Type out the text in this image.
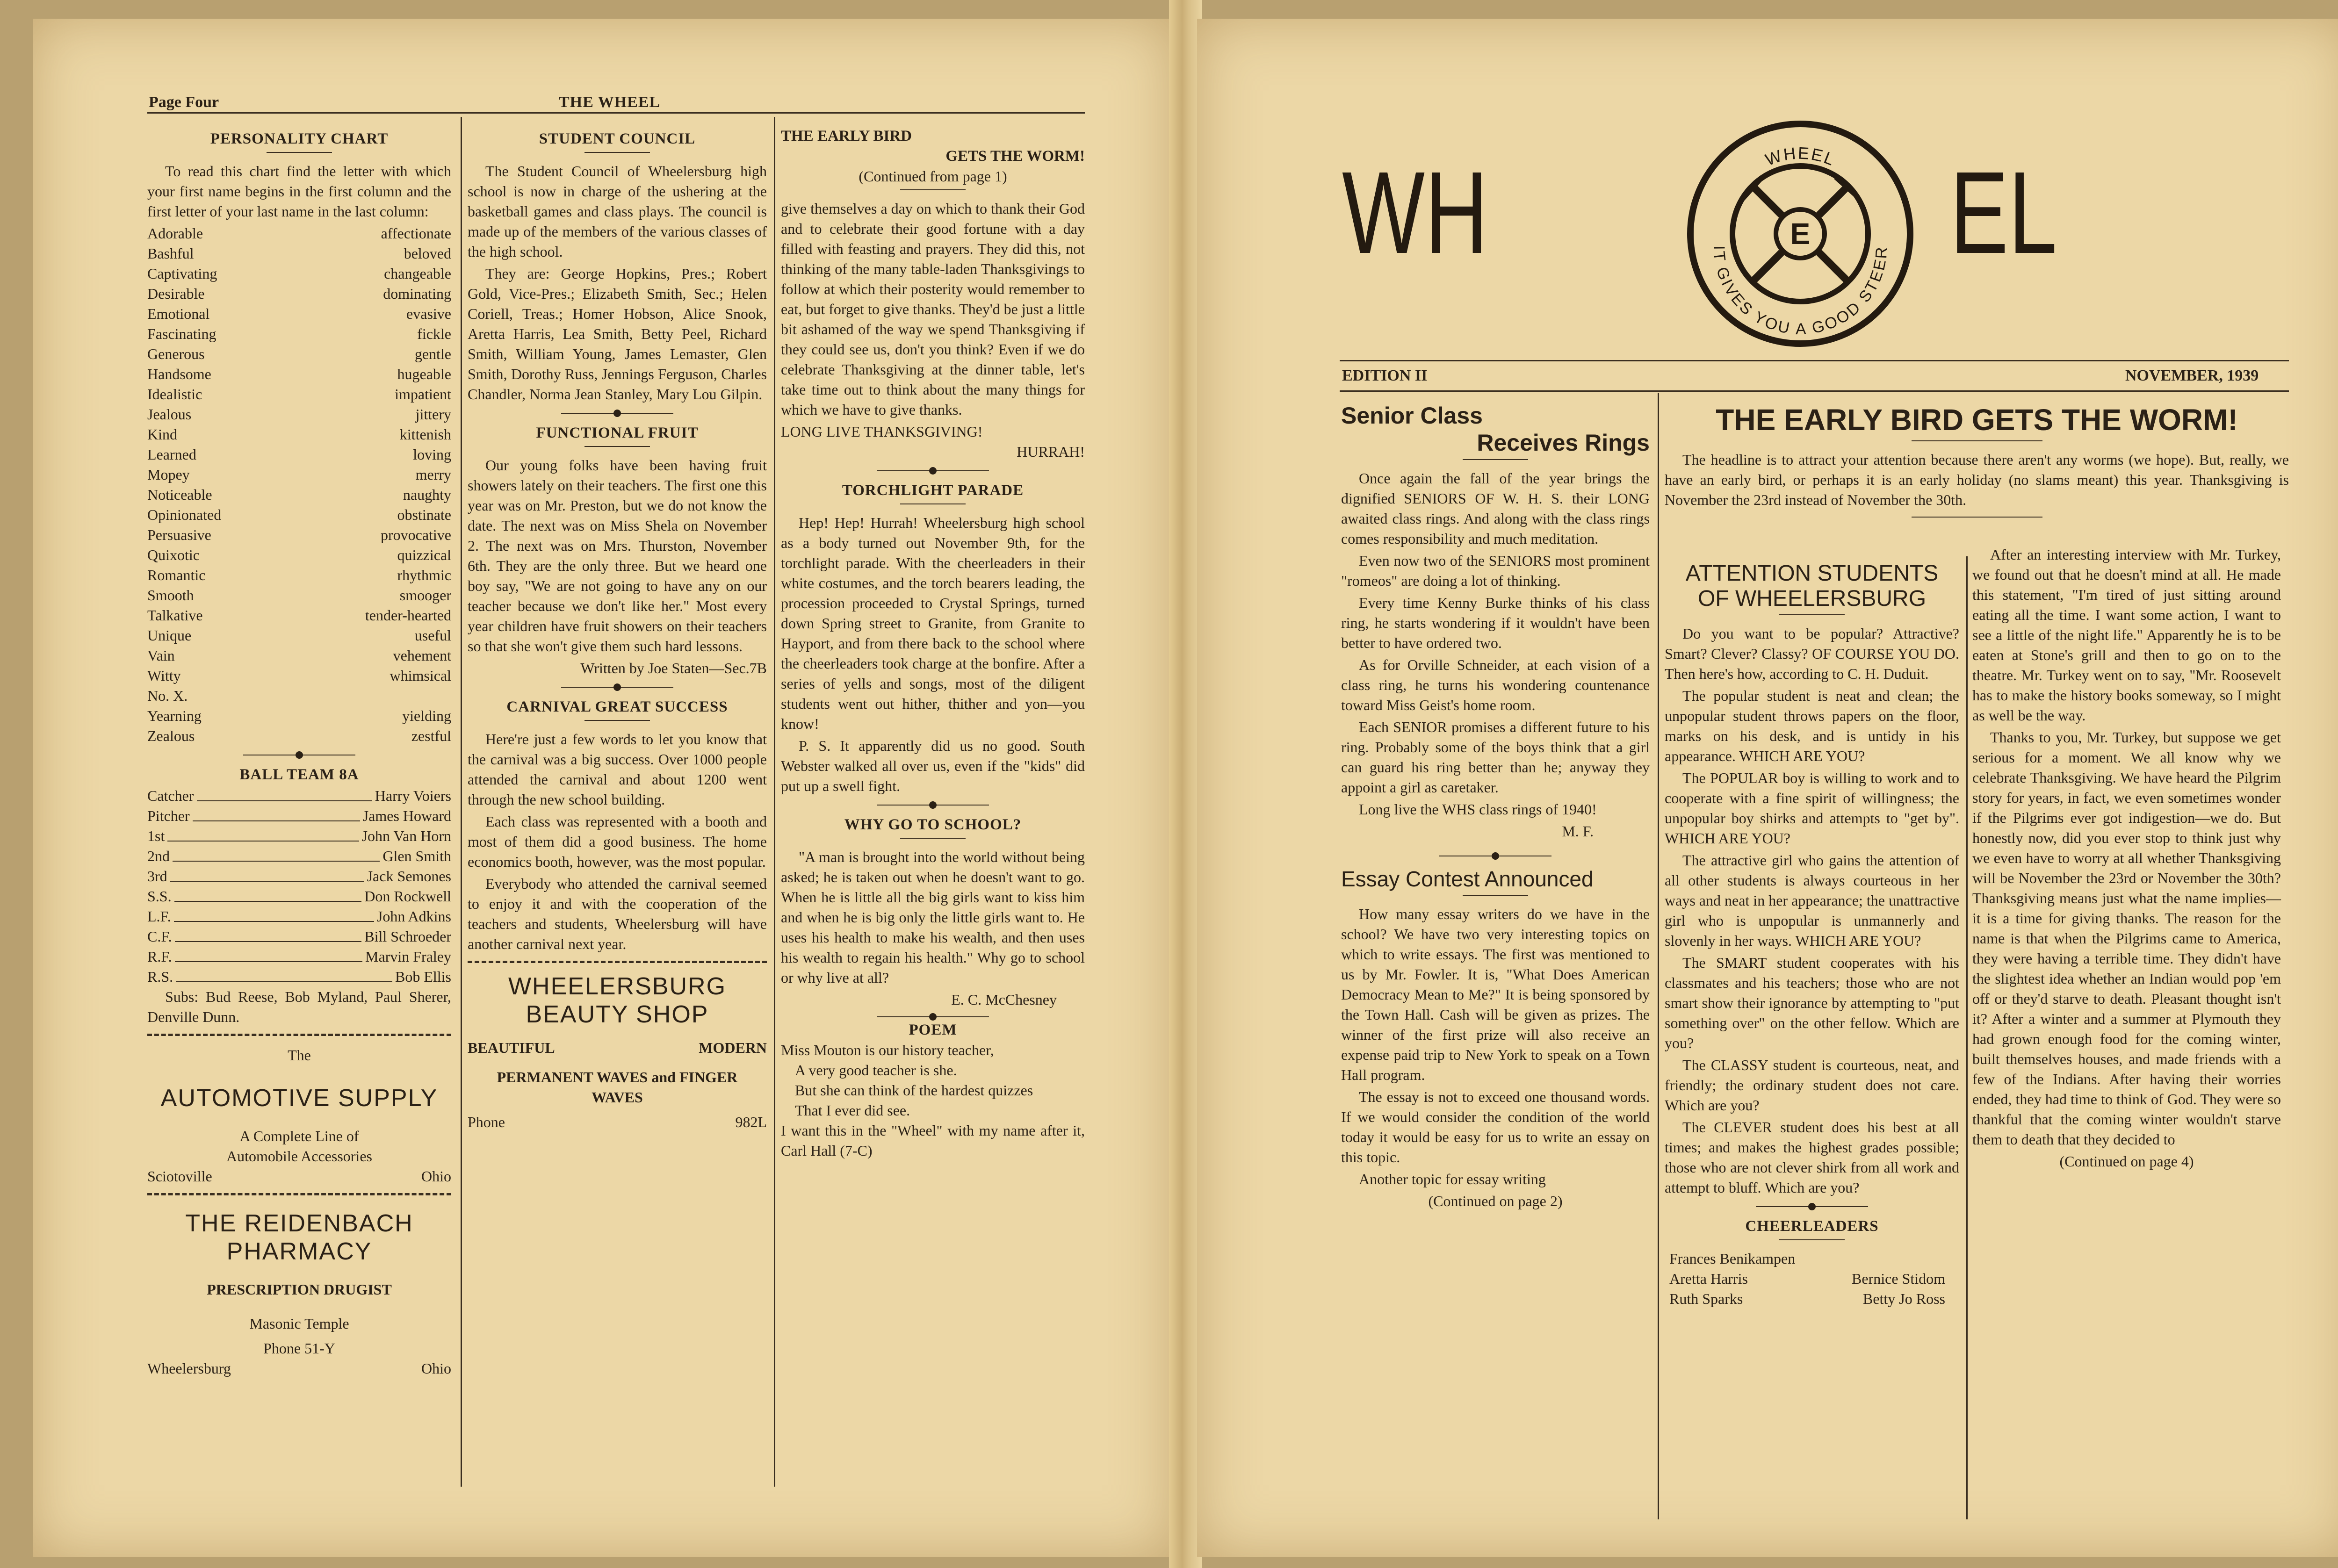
Page Four	THE WHEEL
PERSONALITY CHART

To read this chart find the letter with which your first name begins in the first column and the first letter of your last name in the last column:

Adorable	affectionate
Bashful	beloved
Captivating	changeable
Desirable	dominating
Emotional	evasive
Fascinating	fickle
Generous	gentle
Handsome	hugeable
Idealistic	impatient
Jealous	jittery
Kind	kittenish
Learned	loving
Mopey	merry
Noticeable	naughty
Opinionated	obstinate
Persuasive	provocative
Quixotic	quizzical
Romantic	rhythmic
Smooth	smooger
Talkative	tender-hearted
Unique	useful
Vain	vehement
Witty	whimsical
No. X.
Yearning	yielding
Zealous	zestful
BALL TEAM 8A
Catcher	Harry Voiers
Pitcher	James Howard
1st	John Van Horn
2nd	Glen Smith
3rd	Jack Semones
S.S.	Don Rockwell
L.F.	John Adkins
C.F.	Bill Schroeder
R.F.	Marvin Fraley
R.S.	Bob Ellis

Subs: Bud Reese, Bob Myland, Paul Sherer, Denville Dunn.

The
AUTOMOTIVE SUPPLY
A Complete Line of
Automobile Accessories
Sciotoville	Ohio
THE REIDENBACH PHARMACY
PRESCRIPTION DRUGIST
Masonic Temple
Phone 51-Y
Wheelersburg	Ohio
STUDENT COUNCIL

The Student Council of Wheelersburg high school is now in charge of the ushering at the basketball games and class plays. The council is made up of the members of the various classes of the high school.

They are: George Hopkins, Pres.; Robert Gold, Vice-Pres.; Elizabeth Smith, Sec.; Helen Coriell, Treas.; Homer Hobson, Alice Snook, Aretta Harris, Lea Smith, Betty Peel, Richard Smith, William Young, James Lemaster, Glen Smith, Dorothy Russ, Jennings Ferguson, Charles Chandler, Norma Jean Stanley, Mary Lou Gilpin.

FUNCTIONAL FRUIT

Our young folks have been having fruit showers lately on their teachers. The first one this year was on Mr. Preston, but we do not know the date. The next was on Miss Shela on November 2. The next was on Mrs. Thurston, November 6th. They are the only three. But we heard one boy say, "We are not going to have any on our teacher because we don't like her." Most every year children have fruit showers on their teachers so that she won't give them such hard lessons.

Written by Joe Staten—Sec.7B
CARNIVAL GREAT SUCCESS

Here're just a few words to let you know that the carnival was a big success. Over 1000 people attended the carnival and about 1200 went through the new school building.

Each class was represented with a booth and most of them did a good business. The home economics booth, however, was the most popular.

Everybody who attended the carnival seemed to enjoy it and with the cooperation of the teachers and students, Wheelersburg will have another carnival next year.

WHEELERSBURG BEAUTY SHOP
BEAUTIFUL	MODERN
PERMANENT WAVES and FINGER WAVES
Phone	982L
THE EARLY BIRD
GETS THE WORM!
(Continued from page 1)

give themselves a day on which to thank their God and to celebrate their good fortune with a day filled with feasting and prayers. They did this, not thinking of the many table-laden Thanksgivings to follow at which their posterity would remember to eat, but forget to give thanks. They'd be just a little bit ashamed of the way we spend Thanksgiving if they could see us, don't you think? Even if we do celebrate Thanksgiving at the dinner table, let's take time out to think about the many things for which we have to give thanks.

LONG LIVE THANKSGIVING!
HURRAH!
TORCHLIGHT PARADE

Hep! Hep! Hurrah! Wheelersburg high school as a body turned out November 9th, for the torchlight parade. With the cheerleaders in their white costumes, and the torch bearers leading, the procession proceeded to Crystal Springs, turned down Spring street to Granite, from Granite to Hayport, and from there back to the school where the cheerleaders took charge at the bonfire. After a series of yells and songs, most of the diligent students went out hither, thither and yon—you know!

P. S. It apparently did us no good. South Webster walked all over us, even if the "kids" did put up a swell fight.

WHY GO TO SCHOOL?

"A man is brought into the world without being asked; he is taken out when he doesn't want to go. When he is little all the big girls want to kiss him and when he is big only the little girls want to. He uses his health to make his wealth, and then uses his wealth to regain his health." Why go to school or why live at all?

E. C. McChesney
POEM
Miss Mouton is our history teacher,
A very good teacher is she.
But she can think of the hardest quizzes
That I ever did see.
I want this in the "Wheel" with my name after it, Carl Hall (7-C)
WH	EL
E
WHEEL
IT GIVES YOU A GOOD STEER
EDITION II	NOVEMBER, 1939
Senior Class
Receives Rings

Once again the fall of the year brings the dignified SENIORS OF W. H. S. their LONG awaited class rings. And along with the class rings comes responsibility and much meditation.

Even now two of the SENIORS most prominent "romeos" are doing a lot of thinking.

Every time Kenny Burke thinks of his class ring, he starts wondering if it wouldn't have been better to have ordered two.

As for Orville Schneider, at each vision of a class ring, he turns his wondering countenance toward Miss Geist's home room.

Each SENIOR promises a different future to his ring. Probably some of the boys think that a girl can guard his ring better than he; anyway they appoint a girl as caretaker.

Long live the WHS class rings of 1940!

M. F.
Essay Contest Announced

How many essay writers do we have in the school? We have two very interesting topics on which to write essays. The first was mentioned to us by Mr. Fowler. It is, "What Does American Democracy Mean to Me?" It is being sponsored by the Town Hall. Cash will be given as prizes. The winner of the first prize will also receive an expense paid trip to New York to speak on a Town Hall program.

The essay is not to exceed one thousand words. If we would consider the condition of the world today it would be easy for us to write an essay on this topic.

Another topic for essay writing

(Continued on page 2)
THE EARLY BIRD GETS THE WORM!

The headline is to attract your attention because there aren't any worms (we hope). But, really, we have an early bird, or perhaps it is an early holiday (no slams meant) this year. Thanksgiving is November the 23rd instead of November the 30th.

ATTENTION STUDENTS
OF WHEELERSBURG

Do you want to be popular? Attractive? Smart? Clever? Classy? OF COURSE YOU DO. Then here's how, according to C. H. Duduit.

The popular student is neat and clean; the unpopular student throws papers on the floor, marks on his desk, and is untidy in his appearance. WHICH ARE YOU?

The POPULAR boy is willing to work and to cooperate with a fine spirit of willingness; the unpopular boy shirks and attempts to "get by". WHICH ARE YOU?

The attractive girl who gains the attention of all other students is always courteous in her ways and neat in her appearance; the unattractive girl who is unpopular is unmannerly and slovenly in her ways. WHICH ARE YOU?

The SMART student cooperates with his classmates and his teachers; those who are not smart show their ignorance by attempting to "put something over" on the other fellow. Which are you?

The CLASSY student is courteous, neat, and friendly; the ordinary student does not care. Which are you?

The CLEVER student does his best at all times; and makes the highest grades possible; those who are not clever shirk from all work and attempt to bluff. Which are you?

CHEERLEADERS
Frances Benikampen
Aretta Harris	Bernice Stidom
Ruth Sparks	Betty Jo Ross

After an interesting interview with Mr. Turkey, we found out that he doesn't mind at all. He made this statement, "I'm tired of just sitting around eating all the time. I want some action, I want to see a little of the night life." Apparently he is to be eaten at Stone's grill and then to go on to the theatre. Mr. Turkey went on to say, "Mr. Roosevelt has to make the history books someway, so I might as well be the way.

Thanks to you, Mr. Turkey, but suppose we get serious for a moment. We all know why we celebrate Thanksgiving. We have heard the Pilgrim story for years, in fact, we even sometimes wonder if the Pilgrims ever got indigestion—we do. But honestly now, did you ever stop to think just why we even have to worry at all whether Thanksgiving will be November the 23rd or November the 30th? Thanksgiving means just what the name implies—it is a time for giving thanks. The reason for the name is that when the Pilgrims came to America, they were having a terrible time. They didn't have the slightest idea whether an Indian would pop 'em off or they'd starve to death. Pleasant thought isn't it? After a winter and a summer at Plymouth they had grown enough food for the coming winter, built themselves houses, and made friends with a few of the Indians. After having their worries ended, they had time to think of God. They were so thankful that the coming winter wouldn't starve them to death that they decided to

(Continued on page 4)
